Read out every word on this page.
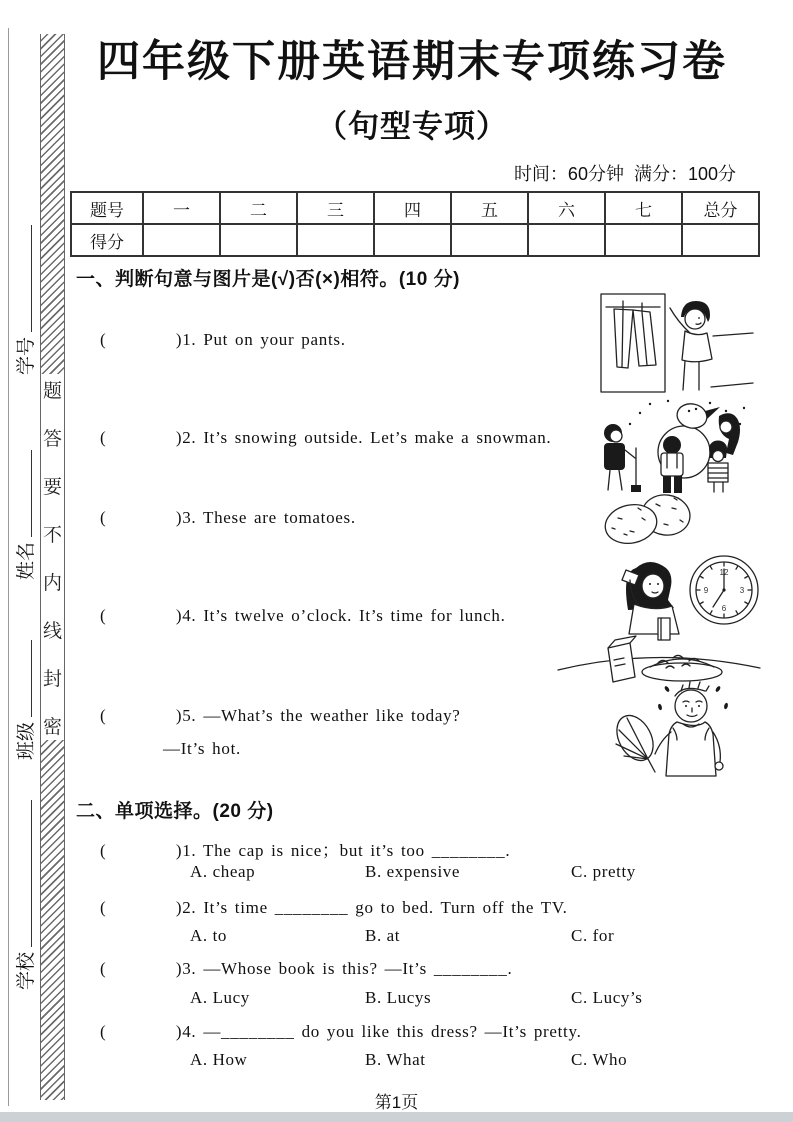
题
答
要
不
内
线
封
密
学号
姓名
班级
学校
四年级下册英语期末专项练习卷
（句型专项）
时间：60分钟  满分：100分
题号	一	二	三	四	五	六	七	总分
得分								
一、判断句意与图片是(√)否(×)相符。(10 分)
(          )1. Put on your pants.
(          )2. It’s snowing outside. Let’s make a snowman.
(          )3. These are tomatoes.
(          )4. It’s twelve o’clock. It’s time for lunch.
(          )5. —What’s the weather like today?
—It’s hot.
12
3
6
9
二、单项选择。(20 分)
(          )1. The cap is nice；but it’s too ________.
A. cheap	B. expensive	C. pretty
(          )2. It’s time ________ go to bed. Turn off the TV.
A. to	B. at	C. for
(          )3. —Whose book is this? —It’s ________.
A. Lucy	B. Lucys	C. Lucy’s
(          )4. —________ do you like this dress? —It’s pretty.
A. How	B. What	C. Who
第1页
